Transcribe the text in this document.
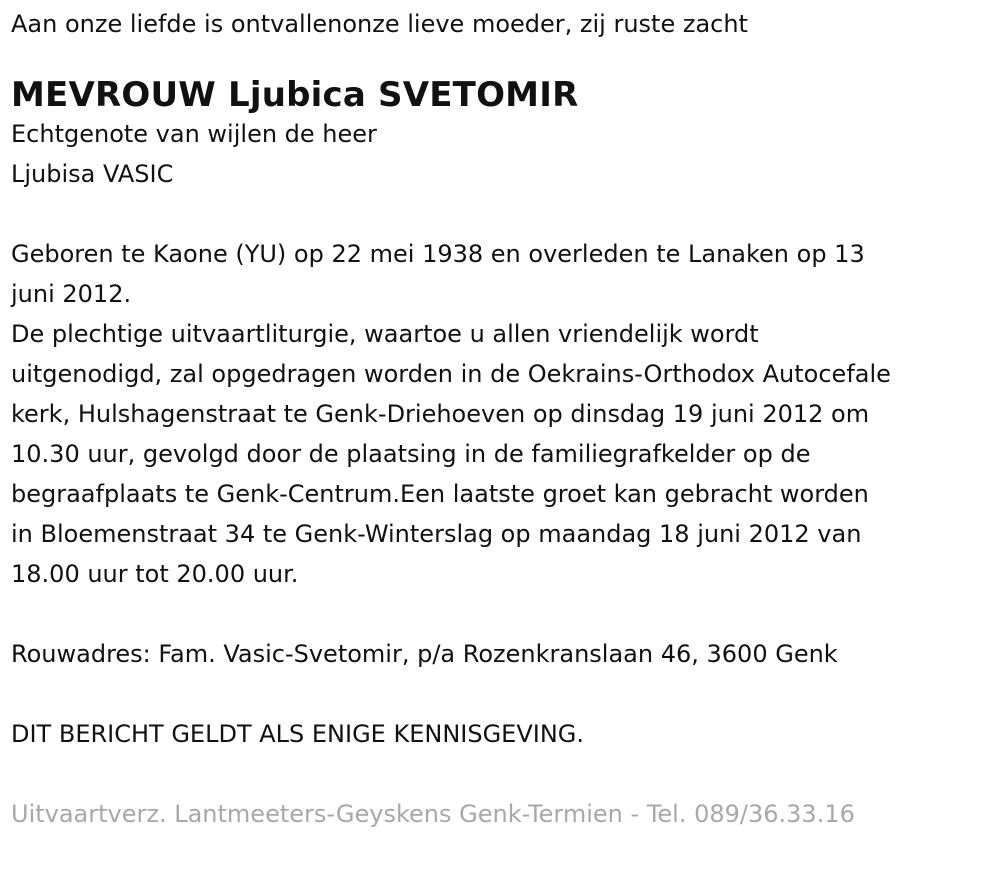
Aan onze liefde is ontvallenonze lieve moeder, zij ruste zacht

MEVROUW Ljubica SVETOMIR
Echtgenote van wijlen de heer
Ljubisa VASIC
Geboren te Kaone (YU) op 22 mei 1938 en overleden te Lanaken op 13
juni 2012.
De plechtige uitvaartliturgie, waartoe u allen vriendelijk wordt
uitgenodigd, zal opgedragen worden in de Oekrains-Orthodox Autocefale
kerk, Hulshagenstraat te Genk-Driehoeven op dinsdag 19 juni 2012 om
10.30 uur, gevolgd door de plaatsing in de familiegrafkelder op de
begraafplaats te Genk-Centrum.Een laatste groet kan gebracht worden
in Bloemenstraat 34 te Genk-Winterslag op maandag 18 juni 2012 van
18.00 uur tot 20.00 uur.

Rouwadres: Fam. Vasic-Svetomir, p/a Rozenkranslaan 46, 3600 Genk

DIT BERICHT GELDT ALS ENIGE KENNISGEVING.

Uitvaartverz. Lantmeeters-Geyskens Genk-Termien - Tel. 089/36.33.16
